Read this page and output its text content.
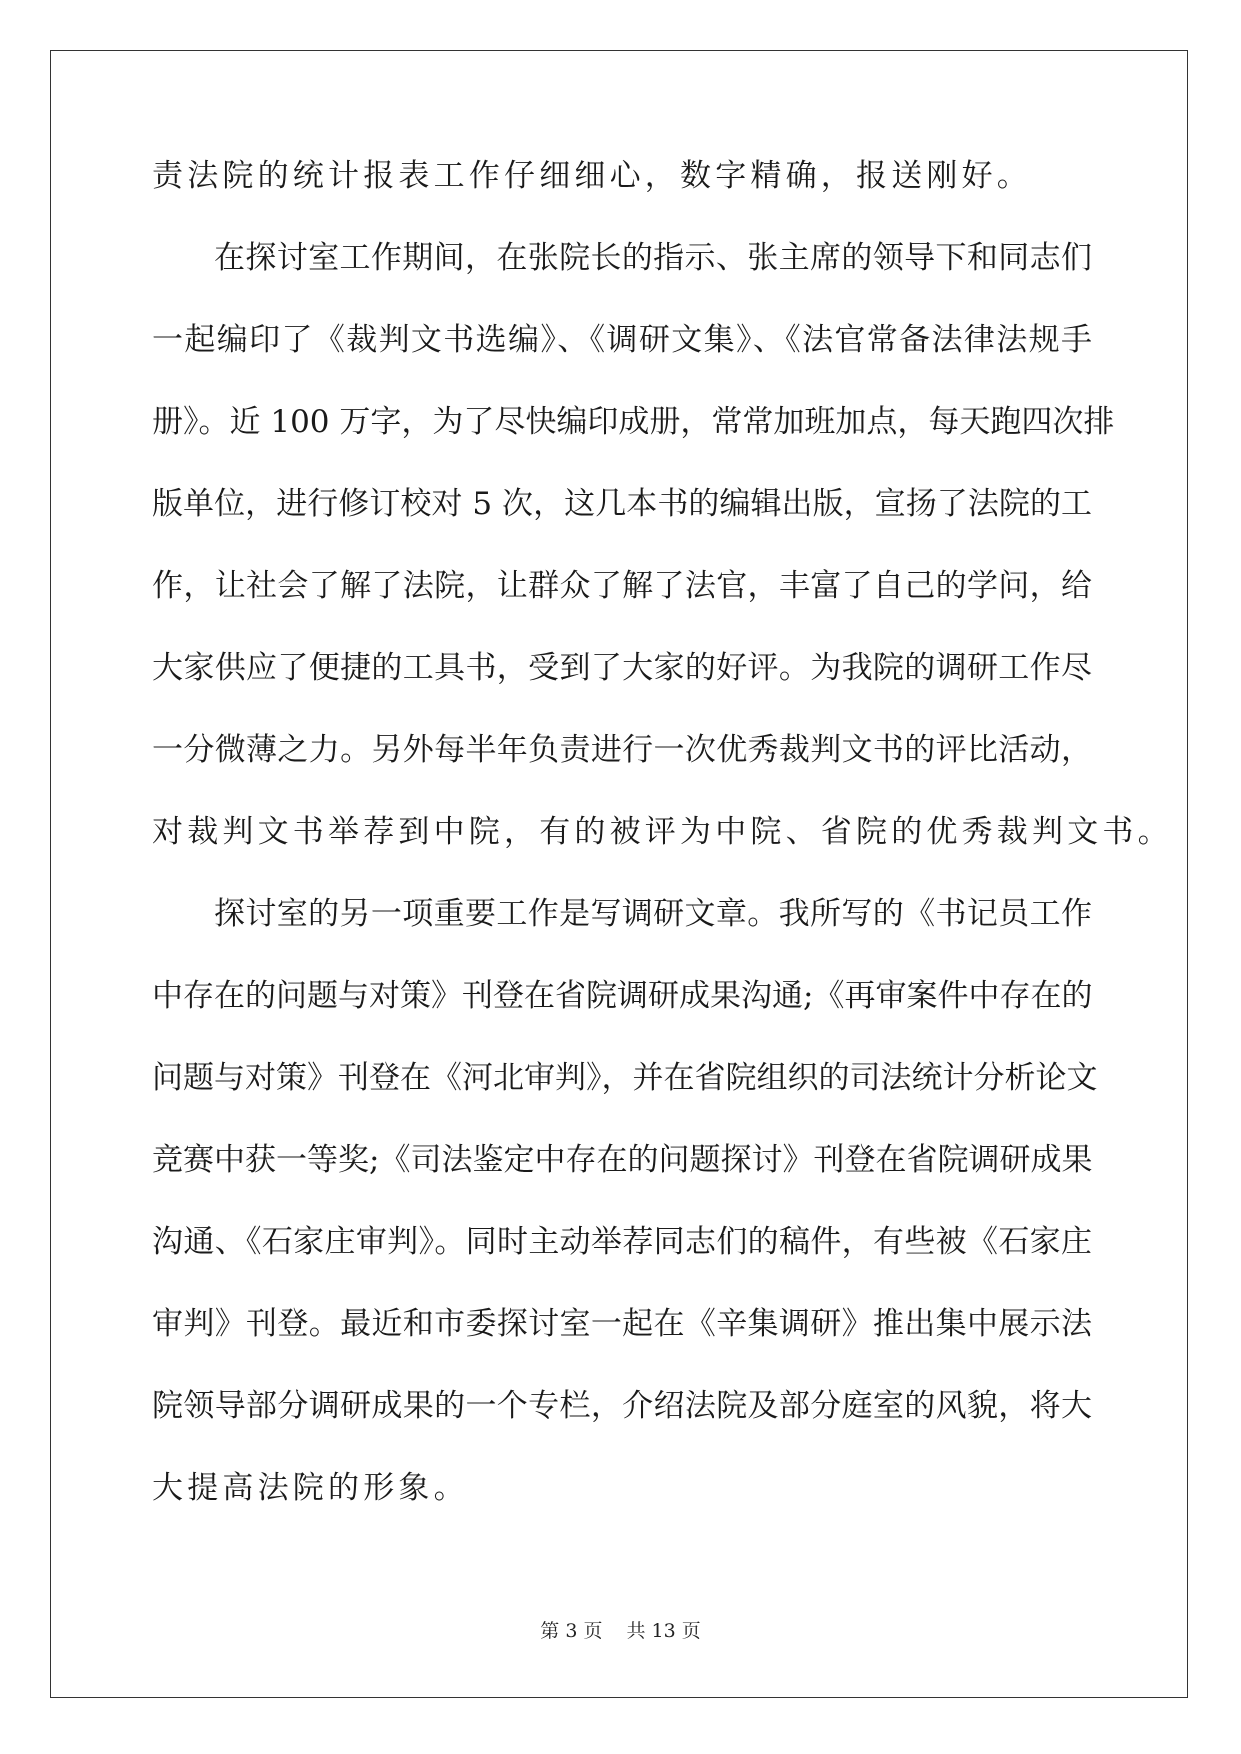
责法院的统计报表工作仔细细心，数字精确，报送刚好。
在探讨室工作期间，在张院长的指示、张主席的领导下和同志们
一起编印了《裁判文书选编》、《调研文集》、《法官常备法律法规手
册》。近 100 万字，为了尽快编印成册，常常加班加点，每天跑四次排
版单位，进行修订校对 5 次，这几本书的编辑出版，宣扬了法院的工
作，让社会了解了法院，让群众了解了法官，丰富了自己的学问，给
大家供应了便捷的工具书，受到了大家的好评。为我院的调研工作尽
一分微薄之力。另外每半年负责进行一次优秀裁判文书的评比活动，
对裁判文书举荐到中院，有的被评为中院、省院的优秀裁判文书。
探讨室的另一项重要工作是写调研文章。我所写的《书记员工作
中存在的问题与对策》刊登在省院调研成果沟通;《再审案件中存在的
问题与对策》刊登在《河北审判》，并在省院组织的司法统计分析论文
竞赛中获一等奖;《司法鉴定中存在的问题探讨》刊登在省院调研成果
沟通、《石家庄审判》。同时主动举荐同志们的稿件，有些被《石家庄
审判》刊登。最近和市委探讨室一起在《辛集调研》推出集中展示法
院领导部分调研成果的一个专栏，介绍法院及部分庭室的风貌，将大
大提高法院的形象。
第 3 页 共 13 页
